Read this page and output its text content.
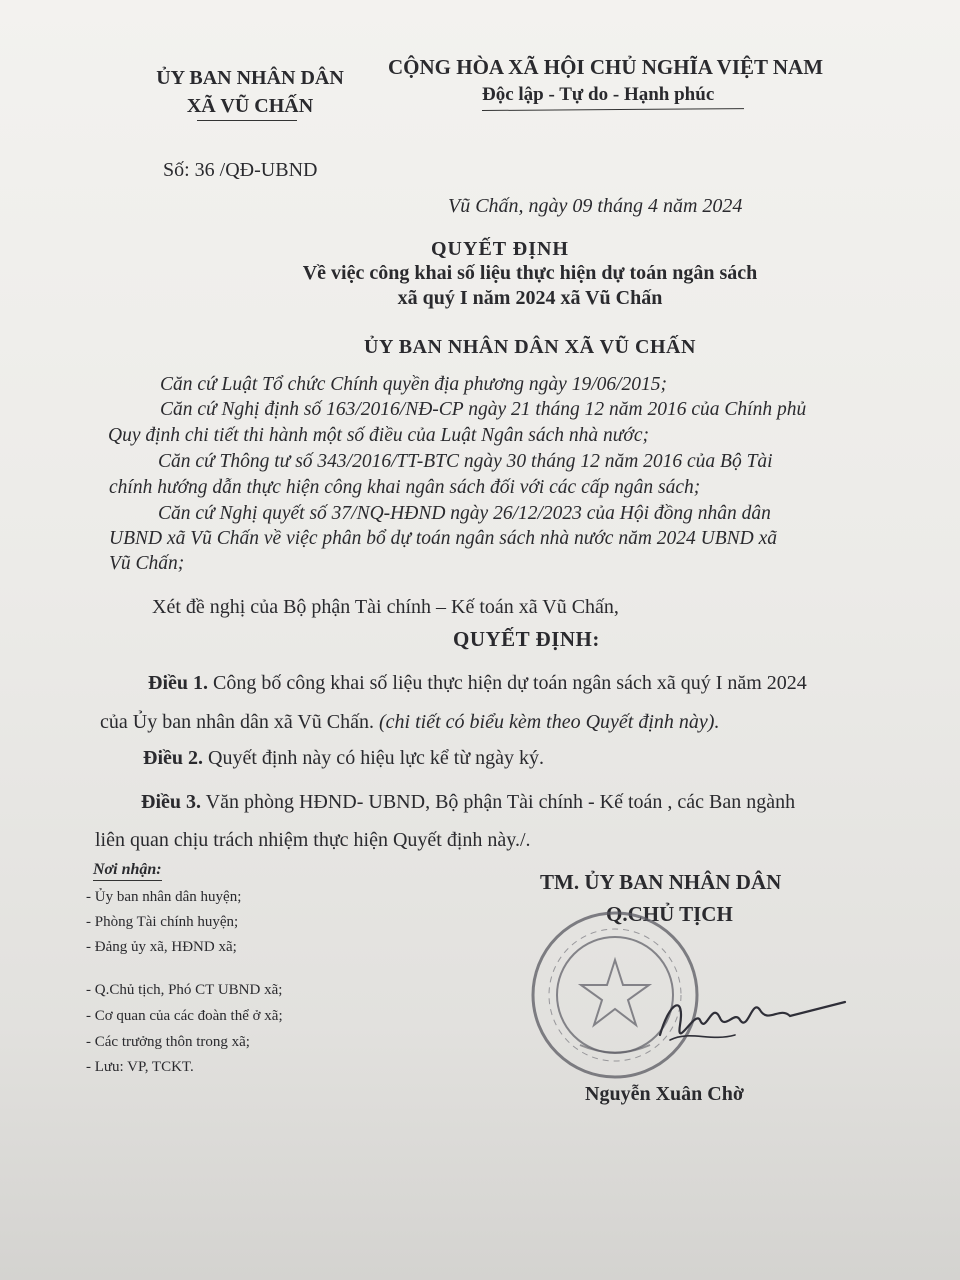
ỦY BAN NHÂN DÂN
XÃ VŨ CHẤN
CỘNG HÒA XÃ HỘI CHỦ NGHĨA VIỆT NAM
Độc lập - Tự do - Hạnh phúc
Số: 36 /QĐ-UBND
Vũ Chấn, ngày 09 tháng 4 năm 2024
QUYẾT ĐỊNH
Về việc công khai số liệu thực hiện dự toán ngân sách
xã quý I năm 2024 xã Vũ Chấn
ỦY BAN NHÂN DÂN XÃ VŨ CHẤN
Căn cứ Luật Tổ chức Chính quyền địa phương ngày 19/06/2015;
Căn cứ Nghị định số 163/2016/NĐ-CP ngày 21 tháng 12 năm 2016 của Chính phủ
Quy định chi tiết thi hành một số điều của Luật Ngân sách nhà nước;
Căn cứ Thông tư số 343/2016/TT-BTC ngày 30 tháng 12 năm 2016 của Bộ Tài
chính hướng dẫn thực hiện công khai ngân sách đối với các cấp ngân sách;
Căn cứ Nghị quyết số 37/NQ-HĐND ngày 26/12/2023 của Hội đồng nhân dân
UBND xã Vũ Chấn về việc phân bổ dự toán ngân sách nhà nước năm 2024 UBND xã
Vũ Chấn;
Xét đề nghị của Bộ phận Tài chính – Kế toán xã Vũ Chấn,
QUYẾT ĐỊNH:
Điều 1. Công bố công khai số liệu thực hiện dự toán ngân sách xã quý I năm 2024
của Ủy ban nhân dân xã Vũ Chấn. (chi tiết có biểu kèm theo Quyết định này).
Điều 2. Quyết định này có hiệu lực kể từ ngày ký.
Điều 3. Văn phòng HĐND- UBND, Bộ phận Tài chính - Kế toán , các Ban ngành
liên quan chịu trách nhiệm thực hiện Quyết định này./.
Nơi nhận:
- Ủy ban nhân dân huyện;
- Phòng Tài chính huyện;
- Đảng ủy xã, HĐND xã;
- Q.Chủ tịch, Phó CT UBND xã;
- Cơ quan của các đoàn thể ở xã;
- Các trưởng thôn trong xã;
- Lưu: VP, TCKT.
TM. ỦY BAN NHÂN DÂN
Q.CHỦ TỊCH
Nguyễn Xuân Chờ
